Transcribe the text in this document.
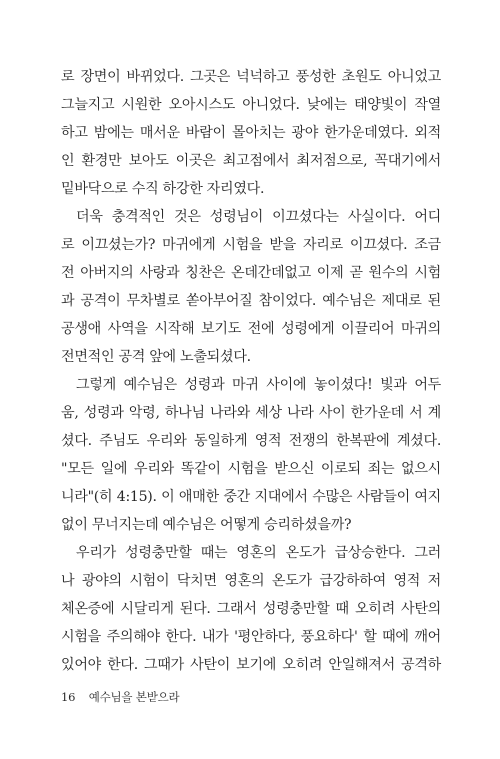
로 장면이 바뀌었다. 그곳은 넉넉하고 풍성한 초원도 아니었고
그늘지고 시원한 오아시스도 아니었다. 낮에는 태양빛이 작열
하고 밤에는 매서운 바람이 몰아치는 광야 한가운데였다. 외적
인 환경만 보아도 이곳은 최고점에서 최저점으로, 꼭대기에서
밑바닥으로 수직 하강한 자리였다.

더욱 충격적인 것은 성령님이 이끄셨다는 사실이다. 어디
로 이끄셨는가? 마귀에게 시험을 받을 자리로 이끄셨다. 조금
전 아버지의 사랑과 칭찬은 온데간데없고 이제 곧 원수의 시험
과 공격이 무차별로 쏟아부어질 참이었다. 예수님은 제대로 된
공생애 사역을 시작해 보기도 전에 성령에게 이끌리어 마귀의
전면적인 공격 앞에 노출되셨다.

그렇게 예수님은 성령과 마귀 사이에 놓이셨다! 빛과 어두
움, 성령과 악령, 하나님 나라와 세상 나라 사이 한가운데 서 계
셨다. 주님도 우리와 동일하게 영적 전쟁의 한복판에 계셨다.
"모든 일에 우리와 똑같이 시험을 받으신 이로되 죄는 없으시
니라"(히 4:15). 이 애매한 중간 지대에서 수많은 사람들이 여지
없이 무너지는데 예수님은 어떻게 승리하셨을까?

우리가 성령충만할 때는 영혼의 온도가 급상승한다. 그러
나 광야의 시험이 닥치면 영혼의 온도가 급강하하여 영적 저
체온증에 시달리게 된다. 그래서 성령충만할 때 오히려 사탄의
시험을 주의해야 한다. 내가 '평안하다, 풍요하다' 할 때에 깨어
있어야 한다. 그때가 사탄이 보기에 오히려 안일해져서 공격하

16 예수님을 본받으라
